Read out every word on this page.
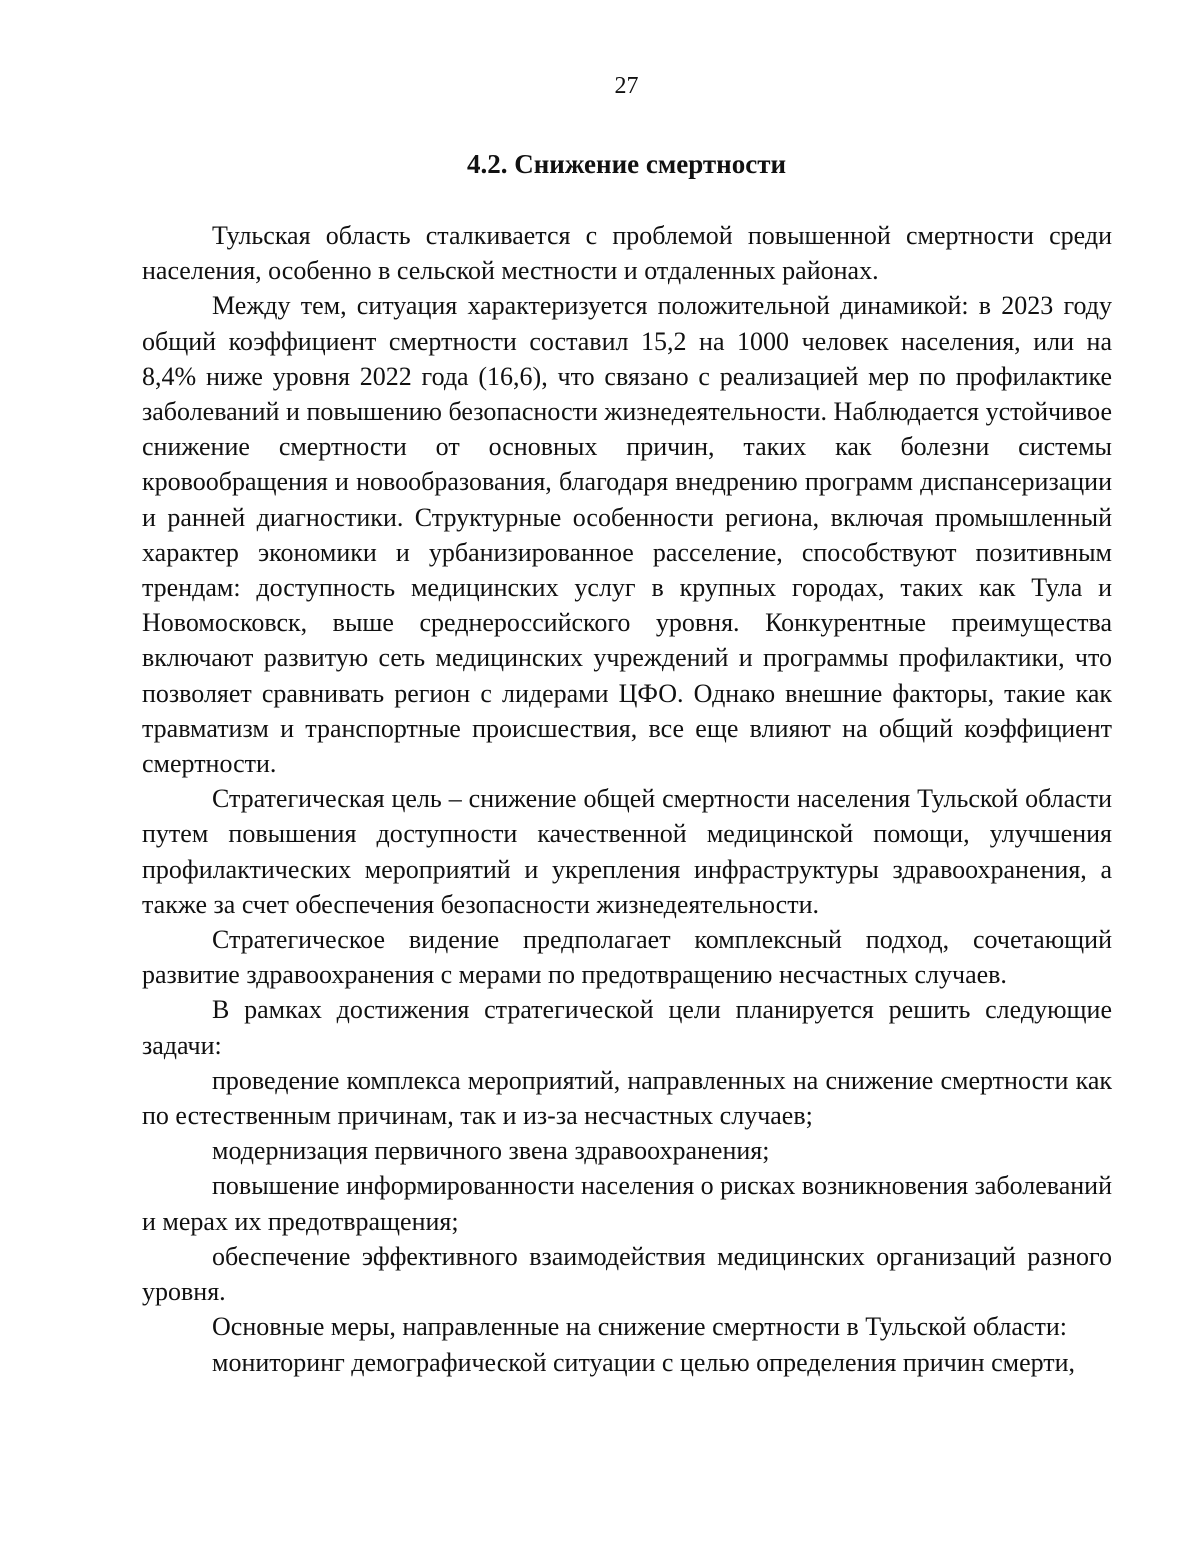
27
4.2. Снижение смертности

Тульская область сталкивается с проблемой повышенной смертности среди населения, особенно в сельской местности и отдаленных районах.

Между тем, ситуация характеризуется положительной динамикой: в 2023 году общий коэффициент смертности составил 15,2 на 1000 человек населения, или на 8,4% ниже уровня 2022 года (16,6), что связано с реализацией мер по профилактике заболеваний и повышению безопасности жизнедеятельности. Наблюдается устойчивое снижение смертности от основных причин, таких как болезни системы кровообращения и новообразования, благодаря внедрению программ диспансеризации и ранней диагностики. Структурные особенности региона, включая промышленный характер экономики и урбанизированное расселение, способствуют позитивным трендам: доступность медицинских услуг в крупных городах, таких как Тула и Новомосковск, выше среднероссийского уровня. Конкурентные преимущества включают развитую сеть медицинских учреждений и программы профилактики, что позволяет сравнивать регион с лидерами ЦФО. Однако внешние факторы, такие как травматизм и транспортные происшествия, все еще влияют на общий коэффициент смертности.

Стратегическая цель – снижение общей смертности населения Тульской области путем повышения доступности качественной медицинской помощи, улучшения профилактических мероприятий и укрепления инфраструктуры здравоохранения, а также за счет обеспечения безопасности жизнедеятельности.

Стратегическое видение предполагает комплексный подход, сочетающий развитие здравоохранения с мерами по предотвращению несчастных случаев.

В рамках достижения стратегической цели планируется решить следующие задачи:

проведение комплекса мероприятий, направленных на снижение смертности как по естественным причинам, так и из-за несчастных случаев;

модернизация первичного звена здравоохранения;

повышение информированности населения о рисках возникновения заболеваний и мерах их предотвращения;

обеспечение эффективного взаимодействия медицинских организаций разного уровня.

Основные меры, направленные на снижение смертности в Тульской области:

мониторинг демографической ситуации с целью определения причин смерти,
